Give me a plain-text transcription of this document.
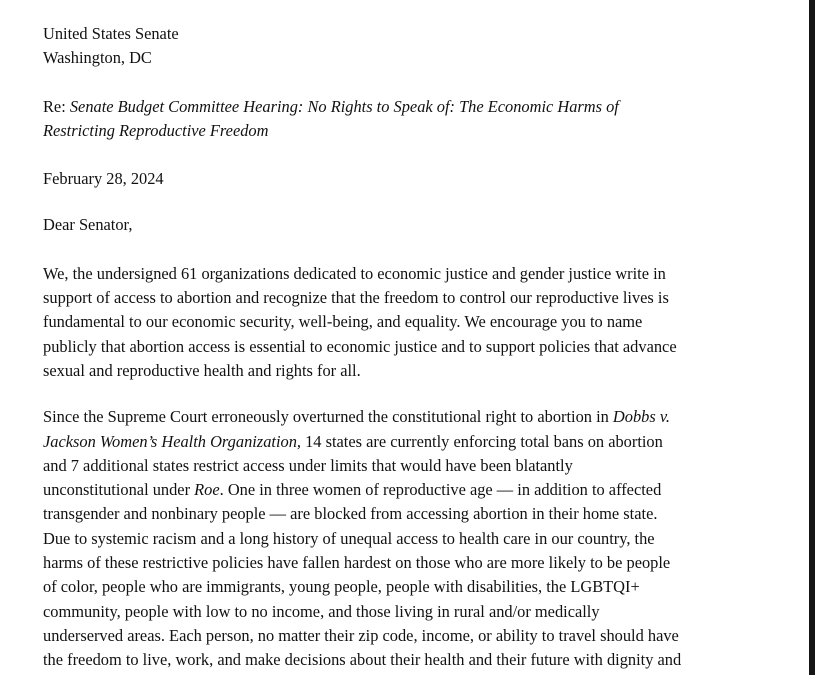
United States Senate
Washington, DC
Re: Senate Budget Committee Hearing: No Rights to Speak of: The Economic Harms of
Restricting Reproductive Freedom
February 28, 2024
Dear Senator,
We, the undersigned 61 organizations dedicated to economic justice and gender justice write in
support of access to abortion and recognize that the freedom to control our reproductive lives is
fundamental to our economic security, well-being, and equality. We encourage you to name
publicly that abortion access is essential to economic justice and to support policies that advance
sexual and reproductive health and rights for all.
Since the Supreme Court erroneously overturned the constitutional right to abortion in Dobbs v.
Jackson Women’s Health Organization, 14 states are currently enforcing total bans on abortion
and 7 additional states restrict access under limits that would have been blatantly
unconstitutional under Roe. One in three women of reproductive age — in addition to affected
transgender and nonbinary people — are blocked from accessing abortion in their home state.
Due to systemic racism and a long history of unequal access to health care in our country, the
harms of these restrictive policies have fallen hardest on those who are more likely to be people
of color, people who are immigrants, young people, people with disabilities, the LGBTQI+
community, people with low to no income, and those living in rural and/or medically
underserved areas. Each person, no matter their zip code, income, or ability to travel should have
the freedom to live, work, and make decisions about their health and their future with dignity and
